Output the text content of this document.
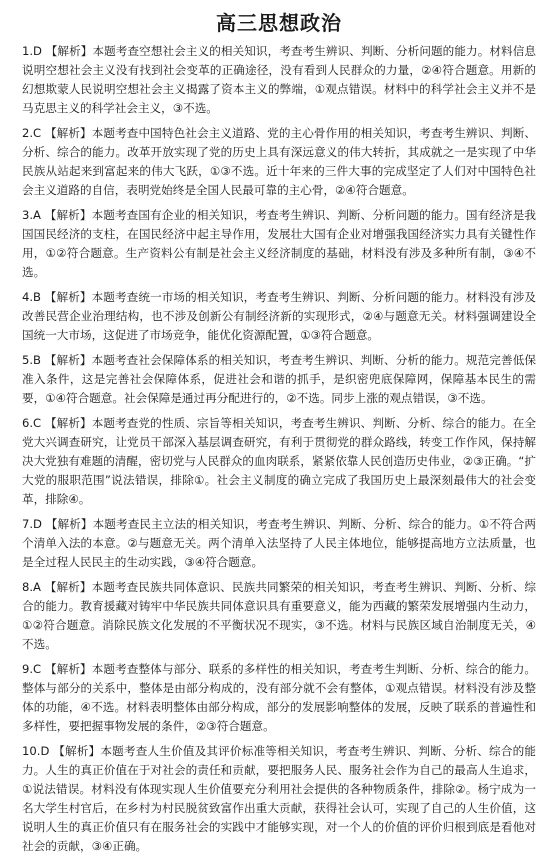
高三思想政治
1.D 【解析】本题考查空想社会主义的相关知识，考查考生辨识、判断、分析问题的能力。材料信息说明空想社会主义没有找到社会变革的正确途径，没有看到人民群众的力量，②④符合题意。用新的幻想欺蒙人民说明空想社会主义揭露了资本主义的弊端，①观点错误。材料中的科学社会主义并不是马克思主义的科学社会主义，③不选。
2.C 【解析】本题考查中国特色社会主义道路、党的主心骨作用的相关知识，考查考生辨识、判断、分析、综合的能力。改革开放实现了党的历史上具有深远意义的伟大转折，其成就之一是实现了中华民族从站起来到富起来的伟大飞跃，①③不选。近十年来的三件大事的完成坚定了人们对中国特色社会主义道路的自信，表明党始终是全国人民最可靠的主心骨，②④符合题意。
3.A 【解析】本题考查国有企业的相关知识，考查考生辨识、判断、分析问题的能力。国有经济是我国国民经济的支柱，在国民经济中起主导作用，发展壮大国有企业对增强我国经济实力具有关键性作用，①②符合题意。生产资料公有制是社会主义经济制度的基础，材料没有涉及多种所有制，③④不选。
4.B 【解析】本题考查统一市场的相关知识，考查考生辨识、判断、分析问题的能力。材料没有涉及改善民营企业治理结构，也不涉及创新公有制经济新的实现形式，②④与题意无关。材料强调建设全国统一大市场，这促进了市场竞争，能优化资源配置，①③符合题意。
5.B 【解析】本题考查社会保障体系的相关知识，考查考生辨识、判断、分析的能力。规范完善低保准入条件，这是完善社会保障体系，促进社会和谐的抓手，是织密兜底保障网，保障基本民生的需要，①④符合题意。社会保障是通过再分配进行的，②不选。同步上涨的观点错误，③不选。
6.C 【解析】本题考查党的性质、宗旨等相关知识，考查考生辨识、判断、分析、综合的能力。在全党大兴调查研究，让党员干部深入基层调查研究，有利于贯彻党的群众路线，转变工作作风，保持解决大党独有难题的清醒，密切党与人民群众的血肉联系，紧紧依靠人民创造历史伟业，②③正确。“扩大党的服职范围”说法错误，排除①。社会主义制度的确立完成了我国历史上最深刻最伟大的社会变革，排除④。
7.D 【解析】本题考查民主立法的相关知识，考查考生辨识、判断、分析、综合的能力。①不符合两个清单入法的本意。②与题意无关。两个清单入法坚持了人民主体地位，能够提高地方立法质量，也是全过程人民民主的生动实践，③④符合题意。
8.A 【解析】本题考查民族共同体意识、民族共同繁荣的相关知识，考查考生辨识、判断、分析、综合的能力。教育援藏对铸牢中华民族共同体意识具有重要意义，能为西藏的繁荣发展增强内生动力，①②符合题意。消除民族文化发展的不平衡状况不现实，③不选。材料与民族区域自治制度无关，④不选。
9.C 【解析】本题考查整体与部分、联系的多样性的相关知识，考查考生判断、分析、综合的能力。整体与部分的关系中，整体是由部分构成的，没有部分就不会有整体，①观点错误。材料没有涉及整体的功能，④不选。材料表明整体由部分构成，部分的发展影响整体的发展，反映了联系的普遍性和多样性，要把握事物发展的条件，②③符合题意。
10.D 【解析】本题考查人生价值及其评价标准等相关知识，考查考生辨识、判断、分析、综合的能力。人生的真正价值在于对社会的责任和贡献，要把服务人民、服务社会作为自己的最高人生追求，①说法错误。材料没有体现实现人生价值要充分利用社会提供的各种物质条件，排除②。杨宁成为一名大学生村官后，在乡村为村民脱贫致富作出重大贡献，获得社会认可，实现了自己的人生价值，这说明人生的真正价值只有在服务社会的实践中才能够实现，对一个人的价值的评价归根到底是看他对社会的贡献，③④正确。
